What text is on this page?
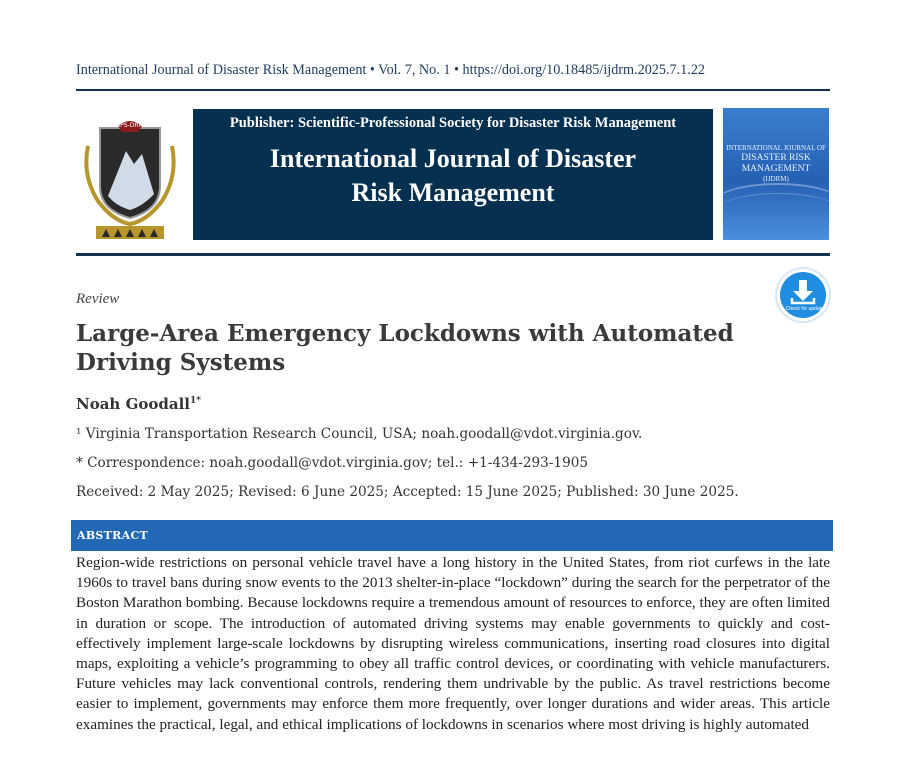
International Journal of Disaster Risk Management • Vol. 7, No. 1 • https://doi.org/10.18485/ijdrm.2025.7.1.22
SPS-DRM	Publisher: Scientific-Professional Society for Disaster Risk Management
International Journal of Disaster
Risk Management
INTERNATIONAL JOURNAL OF
DISASTER RISK
MANAGEMENT
(IJDRM)
Check for updates
Review
Large-Area Emergency Lockdowns with Automated Driving Systems
Noah Goodall$^{1*}$
¹ Virginia Transportation Research Council, USA; noah.goodall@vdot.virginia.gov.
* Correspondence: noah.goodall@vdot.virginia.gov; tel.: +1-434-293-1905
Received: 2 May 2025; Revised: 6 June 2025; Accepted: 15 June 2025; Published: 30 June 2025.
ABSTRACT
Region-wide restrictions on personal vehicle travel have a long history in the United States, from riot curfews in the late 1960s to travel bans during snow events to the 2013 shelter-in-place “lockdown” during the search for the perpetrator of the Boston Marathon bombing. Because lockdowns require a tremendous amount of resources to enforce, they are often limited in duration or scope. The introduction of automated driving systems may enable governments to quickly and cost-effectively implement large-scale lockdowns by disrupting wireless communications, inserting road closures into digital maps, exploiting a vehicle’s programming to obey all traffic control devices, or coordinating with vehicle manufacturers. Future vehicles may lack conventional controls, rendering them undrivable by the public. As travel restrictions become easier to implement, governments may enforce them more frequently, over longer durations and wider areas. This article examines the practical, legal, and ethical implications of lockdowns in scenarios where most driving is highly automated
